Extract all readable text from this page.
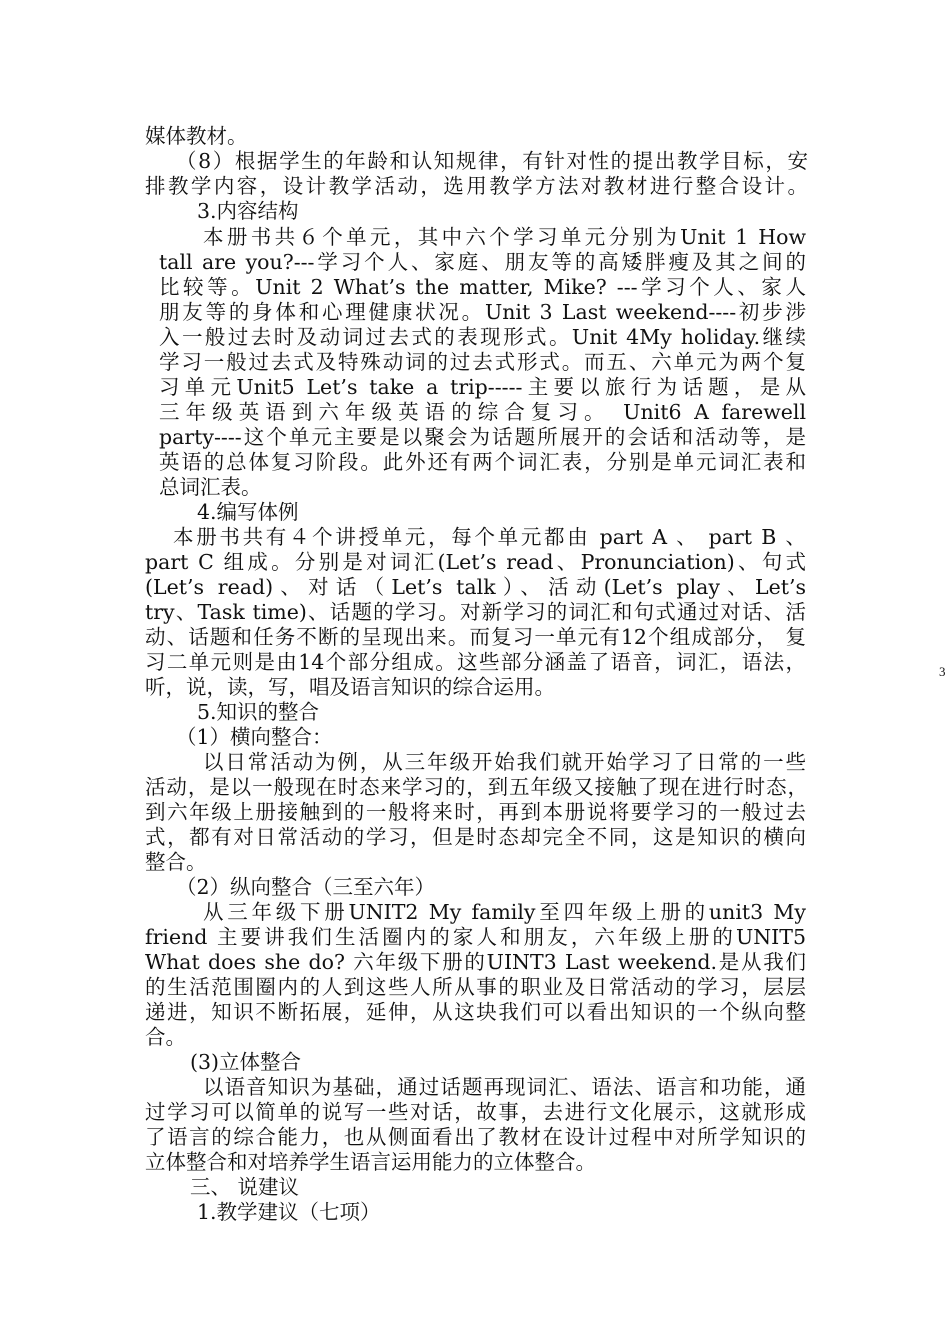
媒体教材。
（8）根据学生的年龄和认知规律，有针对性的提出教学目标，安
排教学内容，设计教学活动，选用教学方法对教材进行整合设计。
3.内容结构
本册书共６个单元，其中六个学习单元分别为Unit 1 How
tall are you?---学习个人、家庭、朋友等的高矮胖瘦及其之间的
比较等。Unit 2 What’s the matter, Mike? ---学习个人、家人
朋友等的身体和心理健康状况。Unit 3 Last weekend----初步涉
入一般过去时及动词过去式的表现形式。Unit 4My holiday.继续
学习一般过去式及特殊动词的过去式形式。而五、六单元为两个复
习单元Unit5 Let’s take a trip-----主要以旅行为话题，是从
三年级英语到六年级英语的综合复习。 Unit6 A farewell
party----这个单元主要是以聚会为话题所展开的会话和活动等，是
英语的总体复习阶段。此外还有两个词汇表，分别是单元词汇表和
总词汇表。
4.编写体例
本册书共有４个讲授单元，每个单元都由 part A 、 part B 、
part C 组成。分别是对词汇(Let’s read、Pronunciation)、句式
(Let’s read)、对话（Let’s talk）、活动(Let’s play、Let’s
try、Task time)、话题的学习。对新学习的词汇和句式通过对话、活
动、话题和任务不断的呈现出来。而复习一单元有12个组成部分， 复
习二单元则是由14个部分组成。这些部分涵盖了语音，词汇，语法，
听，说，读，写，唱及语言知识的综合运用。
5.知识的整合
（1）横向整合：
以日常活动为例，从三年级开始我们就开始学习了日常的一些
活动，是以一般现在时态来学习的，到五年级又接触了现在进行时态，
到六年级上册接触到的一般将来时，再到本册说将要学习的一般过去
式，都有对日常活动的学习，但是时态却完全不同，这是知识的横向
整合。
（2）纵向整合（三至六年）
从三年级下册UNIT2 My family至四年级上册的unit3 My
friend 主要讲我们生活圈内的家人和朋友，六年级上册的UNIT5
What does she do? 六年级下册的UINT3 Last weekend.是从我们
的生活范围圈内的人到这些人所从事的职业及日常活动的学习，层层
递进，知识不断拓展，延伸，从这块我们可以看出知识的一个纵向整
合。
(3)立体整合
以语音知识为基础，通过话题再现词汇、语法、语言和功能，通
过学习可以简单的说写一些对话，故事，去进行文化展示，这就形成
了语言的综合能力，也从侧面看出了教材在设计过程中对所学知识的
立体整合和对培养学生语言运用能力的立体整合。
三、 说建议
1.教学建议（七项）
3
